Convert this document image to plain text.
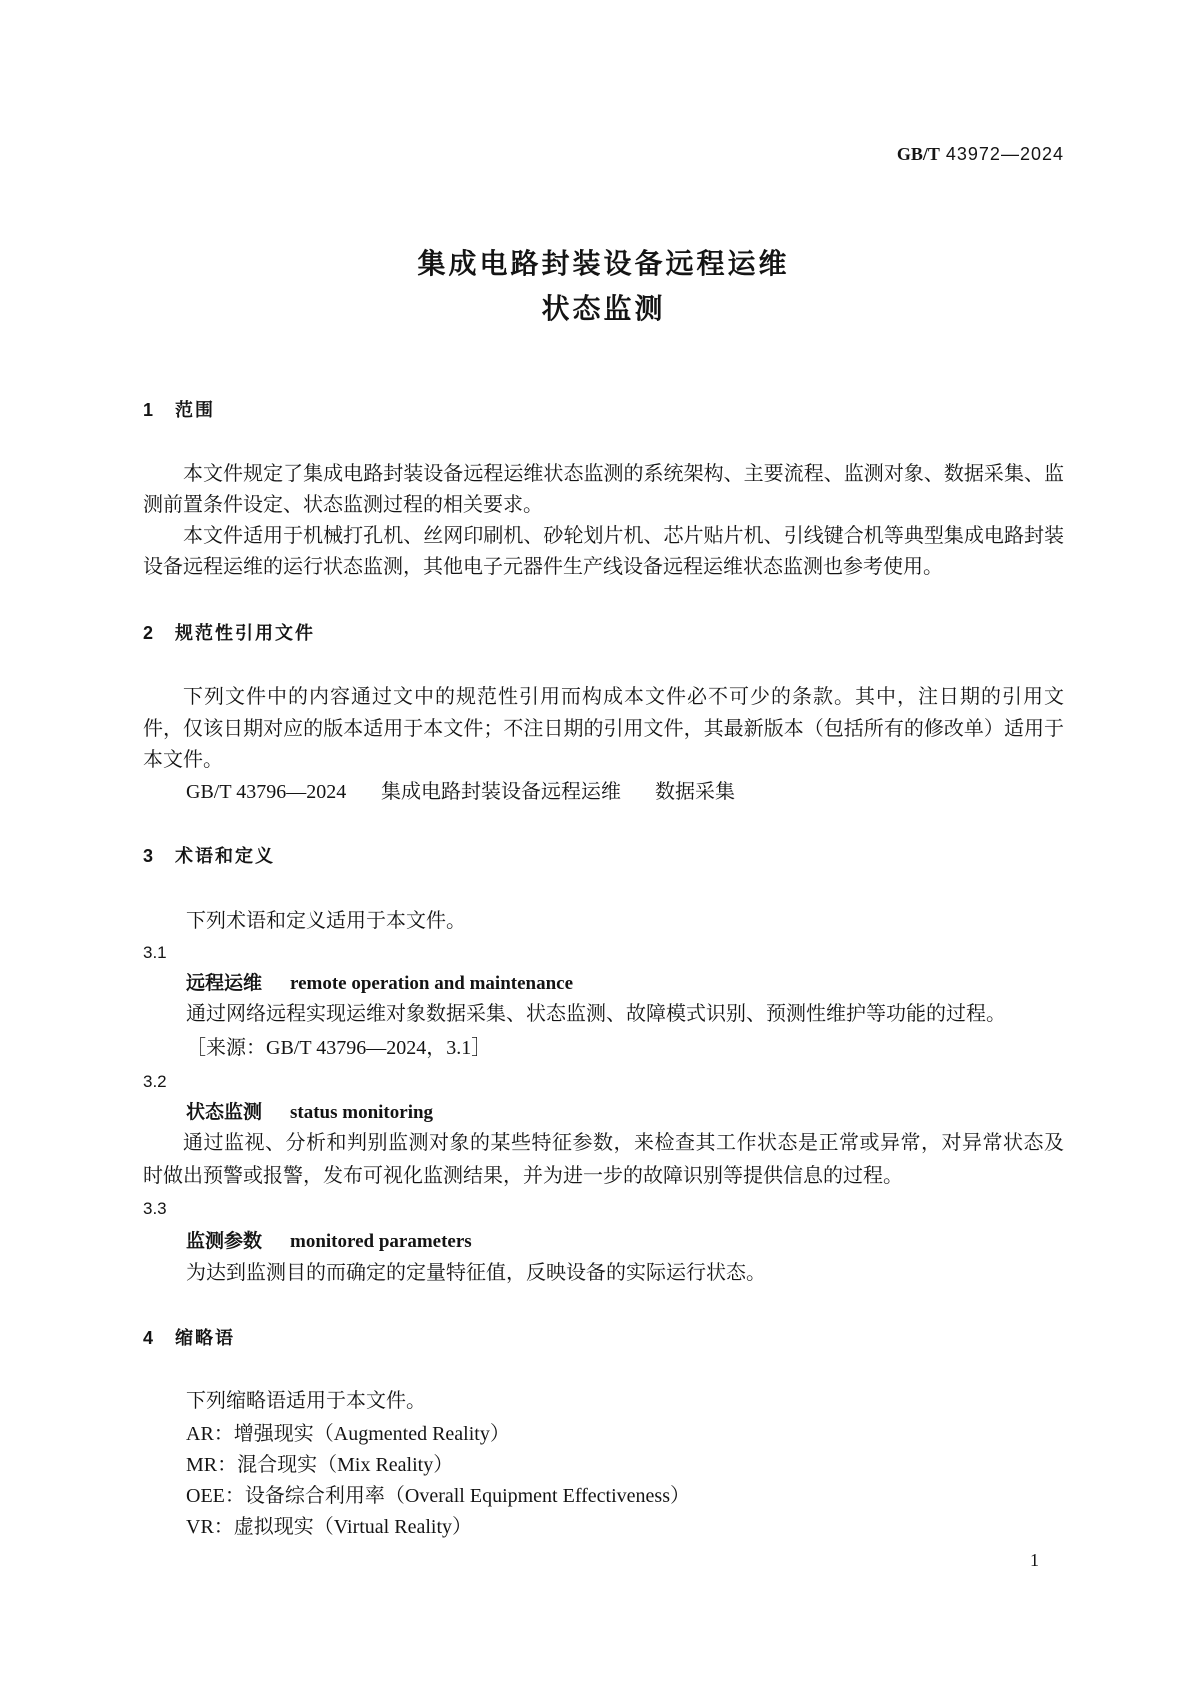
GB/T 43972—2024
集成电路封装设备远程运维
状态监测
1 范围
本文件规定了集成电路封装设备远程运维状态监测的系统架构、主要流程、监测对象、数据采集、监
测前置条件设定、状态监测过程的相关要求。
本文件适用于机械打孔机、丝网印刷机、砂轮划片机、芯片贴片机、引线键合机等典型集成电路封装
设备远程运维的运行状态监测，其他电子元器件生产线设备远程运维状态监测也参考使用。
2 规范性引用文件
下列文件中的内容通过文中的规范性引用而构成本文件必不可少的条款。其中，注日期的引用文
件，仅该日期对应的版本适用于本文件；不注日期的引用文件，其最新版本（包括所有的修改单）适用于
本文件。
GB/T 43796—2024 集成电路封装设备远程运维 数据采集
3 术语和定义
下列术语和定义适用于本文件。
3.1
远程运维 remote operation and maintenance
通过网络远程实现运维对象数据采集、状态监测、故障模式识别、预测性维护等功能的过程。
［来源：GB/T 43796—2024，3.1］
3.2
状态监测 status monitoring
通过监视、分析和判别监测对象的某些特征参数，来检查其工作状态是正常或异常，对异常状态及
时做出预警或报警，发布可视化监测结果，并为进一步的故障识别等提供信息的过程。
3.3
监测参数 monitored parameters
为达到监测目的而确定的定量特征值，反映设备的实际运行状态。
4 缩略语
下列缩略语适用于本文件。
AR：增强现实（Augmented Reality）
MR：混合现实（Mix Reality）
OEE：设备综合利用率（Overall Equipment Effectiveness）
VR：虚拟现实（Virtual Reality）
1
